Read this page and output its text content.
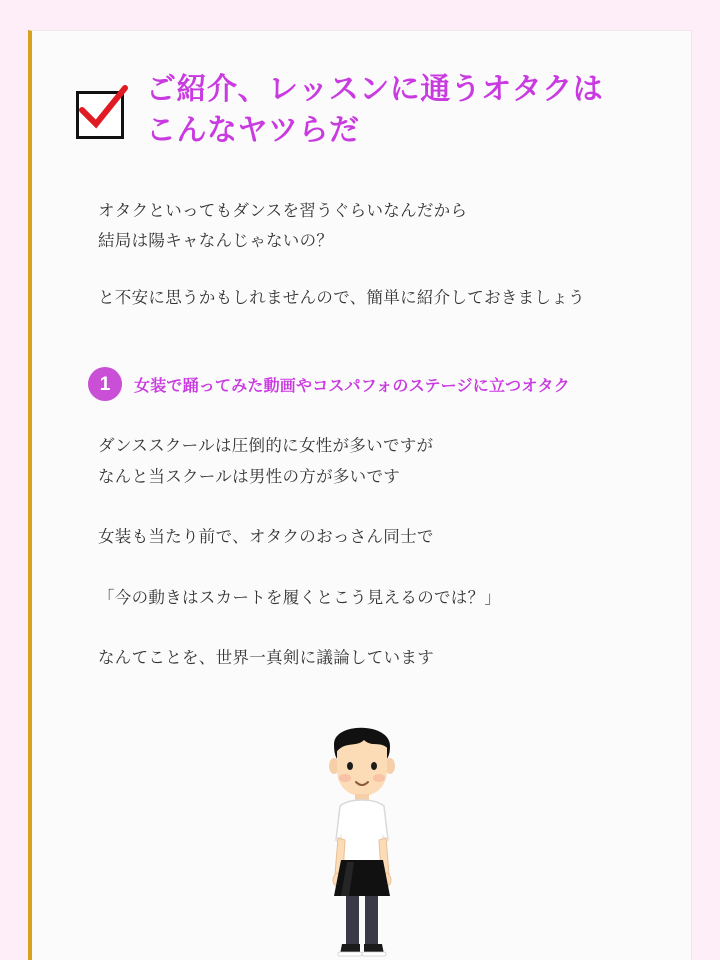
ご紹介、レッスンに通うオタクは
こんなヤツらだ
オタクといってもダンスを習うぐらいなんだから
結局は陽キャなんじゃないの？
と不安に思うかもしれませんので、簡単に紹介しておきましょう
1	女装で踊ってみた動画やコスパフォのステージに立つオタク
ダンススクールは圧倒的に女性が多いですが
なんと当スクールは男性の方が多いです
女装も当たり前で、オタクのおっさん同士で
「今の動きはスカートを履くとこう見えるのでは？」
なんてことを、世界一真剣に議論しています
